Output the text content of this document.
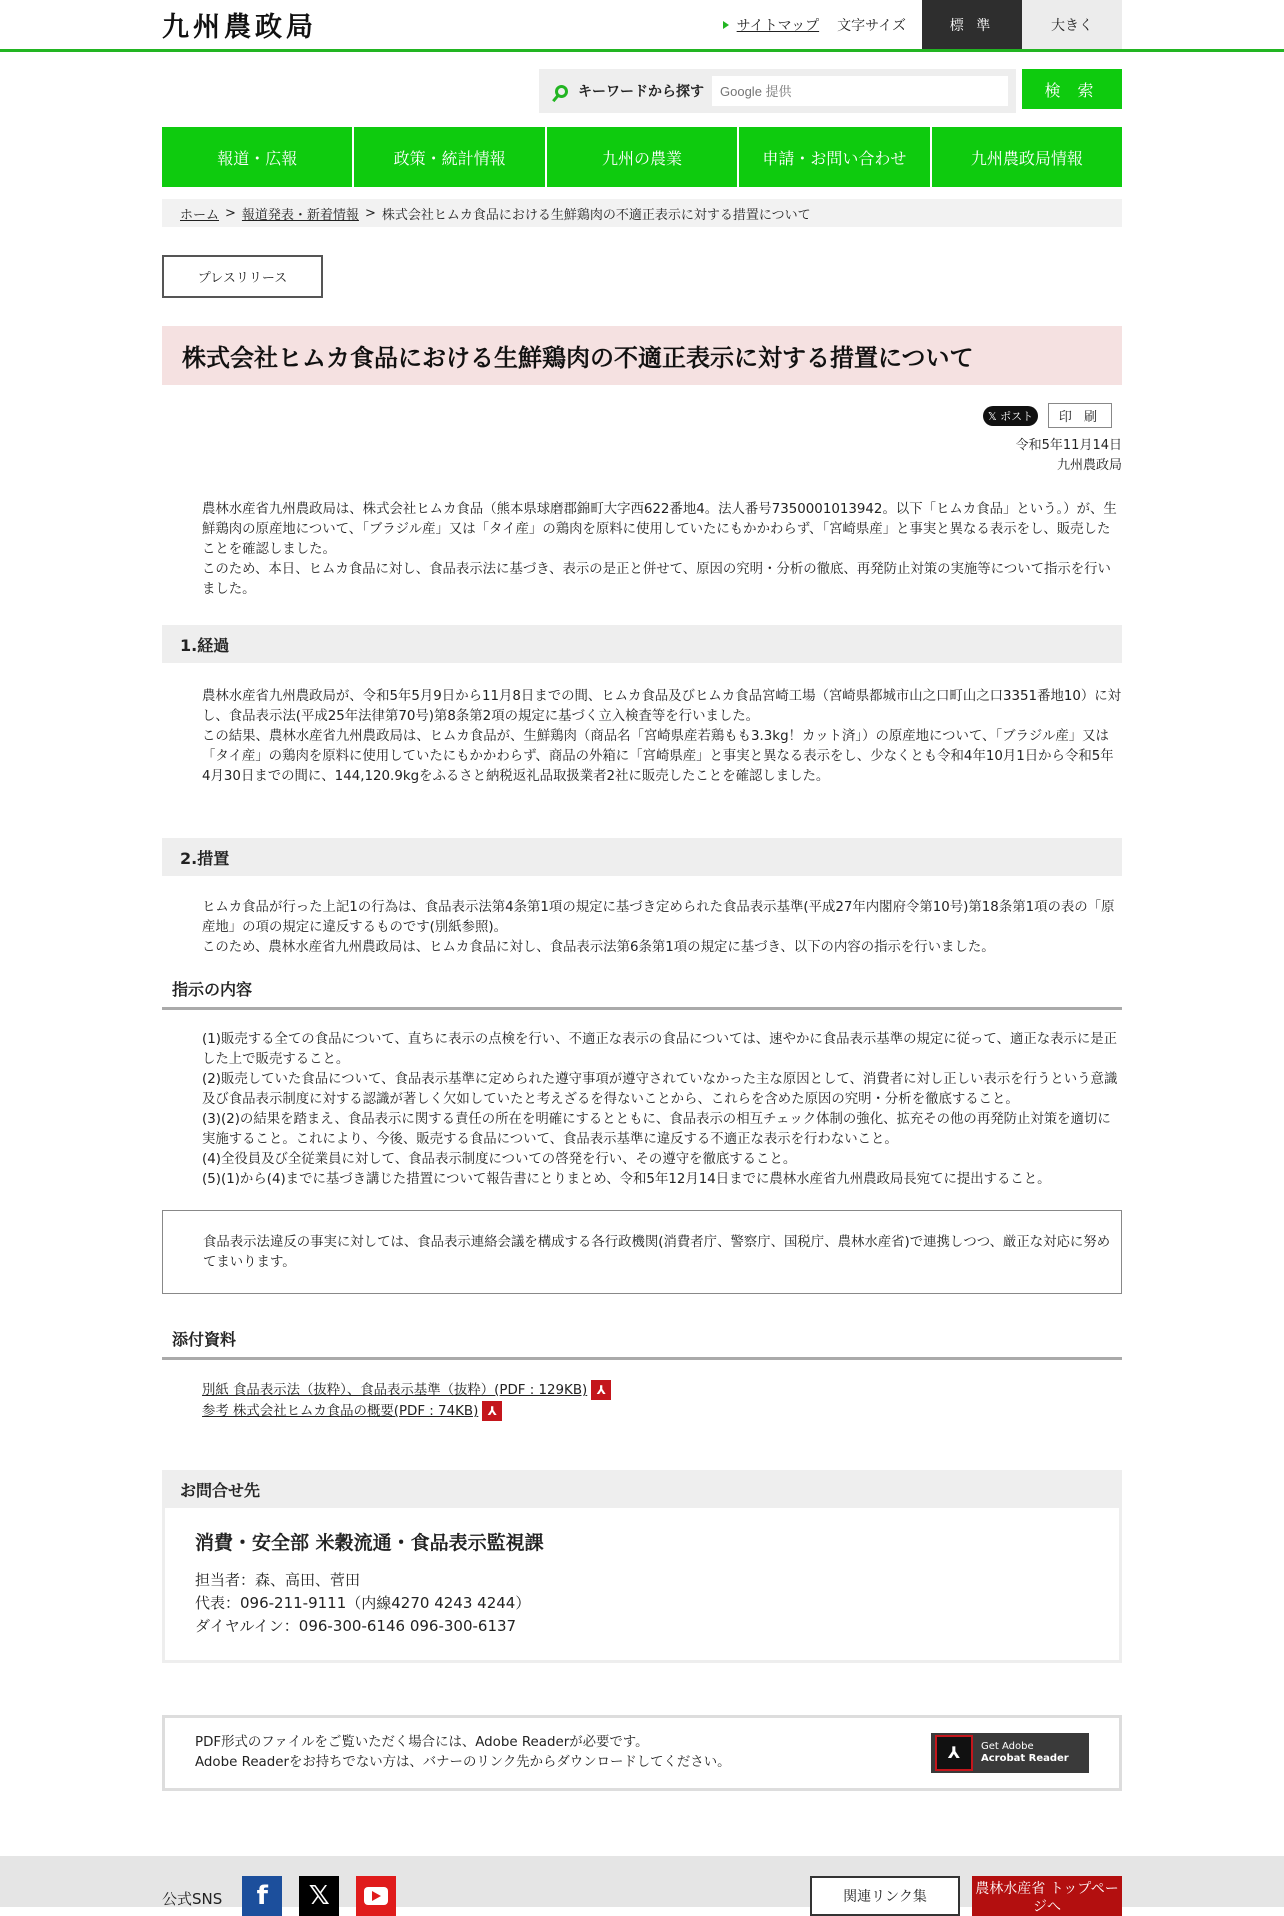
九州農政局	サイトマップ 文字サイズ	標 準	大きく
キーワードから探す
Google 提供	検 索
報道・広報	政策・統計情報	九州の農業	申請・お問い合わせ	九州農政局情報
ホーム > 報道発表・新着情報 > 株式会社ヒムカ食品における生鮮鶏肉の不適正表示に対する措置について
プレスリリース
株式会社ヒムカ食品における生鮮鶏肉の不適正表示に対する措置について
𝕏 ポスト	印 刷
令和5年11月14日
九州農政局

農林水産省九州農政局は、株式会社ヒムカ食品（熊本県球磨郡錦町大字西622番地4。法人番号7350001013942。以下「ヒムカ食品」という。）が、生鮮鶏肉の原産地について、「ブラジル産」又は「タイ産」の鶏肉を原料に使用していたにもかかわらず、「宮崎県産」と事実と異なる表示をし、販売したことを確認しました。

このため、本日、ヒムカ食品に対し、食品表示法に基づき、表示の是正と併せて、原因の究明・分析の徹底、再発防止対策の実施等について指示を行いました。

1.経過

農林水産省九州農政局が、令和5年5月9日から11月8日までの間、ヒムカ食品及びヒムカ食品宮崎工場（宮崎県都城市山之口町山之口3351番地10）に対し、食品表示法(平成25年法律第70号)第8条第2項の規定に基づく立入検査等を行いました。

この結果、農林水産省九州農政局は、ヒムカ食品が、生鮮鶏肉（商品名「宮崎県産若鶏もも3.3kg！カット済」）の原産地について、「ブラジル産」又は「タイ産」の鶏肉を原料に使用していたにもかかわらず、商品の外箱に「宮崎県産」と事実と異なる表示をし、少なくとも令和4年10月1日から令和5年4月30日までの間に、144,120.9kgをふるさと納税返礼品取扱業者2社に販売したことを確認しました。

2.措置

ヒムカ食品が行った上記1の行為は、食品表示法第4条第1項の規定に基づき定められた食品表示基準(平成27年内閣府令第10号)第18条第1項の表の「原産地」の項の規定に違反するものです(別紙参照)。

このため、農林水産省九州農政局は、ヒムカ食品に対し、食品表示法第6条第1項の規定に基づき、以下の内容の指示を行いました。

指示の内容

(1)販売する全ての食品について、直ちに表示の点検を行い、不適正な表示の食品については、速やかに食品表示基準の規定に従って、適正な表示に是正した上で販売すること。

(2)販売していた食品について、食品表示基準に定められた遵守事項が遵守されていなかった主な原因として、消費者に対し正しい表示を行うという意識及び食品表示制度に対する認識が著しく欠如していたと考えざるを得ないことから、これらを含めた原因の究明・分析を徹底すること。

(3)(2)の結果を踏まえ、食品表示に関する責任の所在を明確にするとともに、食品表示の相互チェック体制の強化、拡充その他の再発防止対策を適切に実施すること。これにより、今後、販売する食品について、食品表示基準に違反する不適正な表示を行わないこと。

(4)全役員及び全従業員に対して、食品表示制度についての啓発を行い、その遵守を徹底すること。

(5)(1)から(4)までに基づき講じた措置について報告書にとりまとめ、令和5年12月14日までに農林水産省九州農政局長宛てに提出すること。

食品表示法違反の事実に対しては、食品表示連絡会議を構成する各行政機関(消費者庁、警察庁、国税庁、農林水産省)で連携しつつ、厳正な対応に努めてまいります。
添付資料
別紙 食品表示法（抜粋）、食品表示基準（抜粋）(PDF : 129KB) ⅄
参考 株式会社ヒムカ食品の概要(PDF : 74KB) ⅄
お問合せ先
消費・安全部 米穀流通・食品表示監視課
担当者：森、高田、菅田
代表：096-211-9111（内線4270 4243 4244）
ダイヤルイン：096-300-6146 096-300-6137
PDF形式のファイルをご覧いただく場合には、Adobe Readerが必要です。
Adobe Readerをお持ちでない方は、バナーのリンク先からダウンロードしてください。
⅄	Get Adobe
Acrobat Reader
公式SNS	f	𝕏	関連リンク集	農林水産省 トップページへ
